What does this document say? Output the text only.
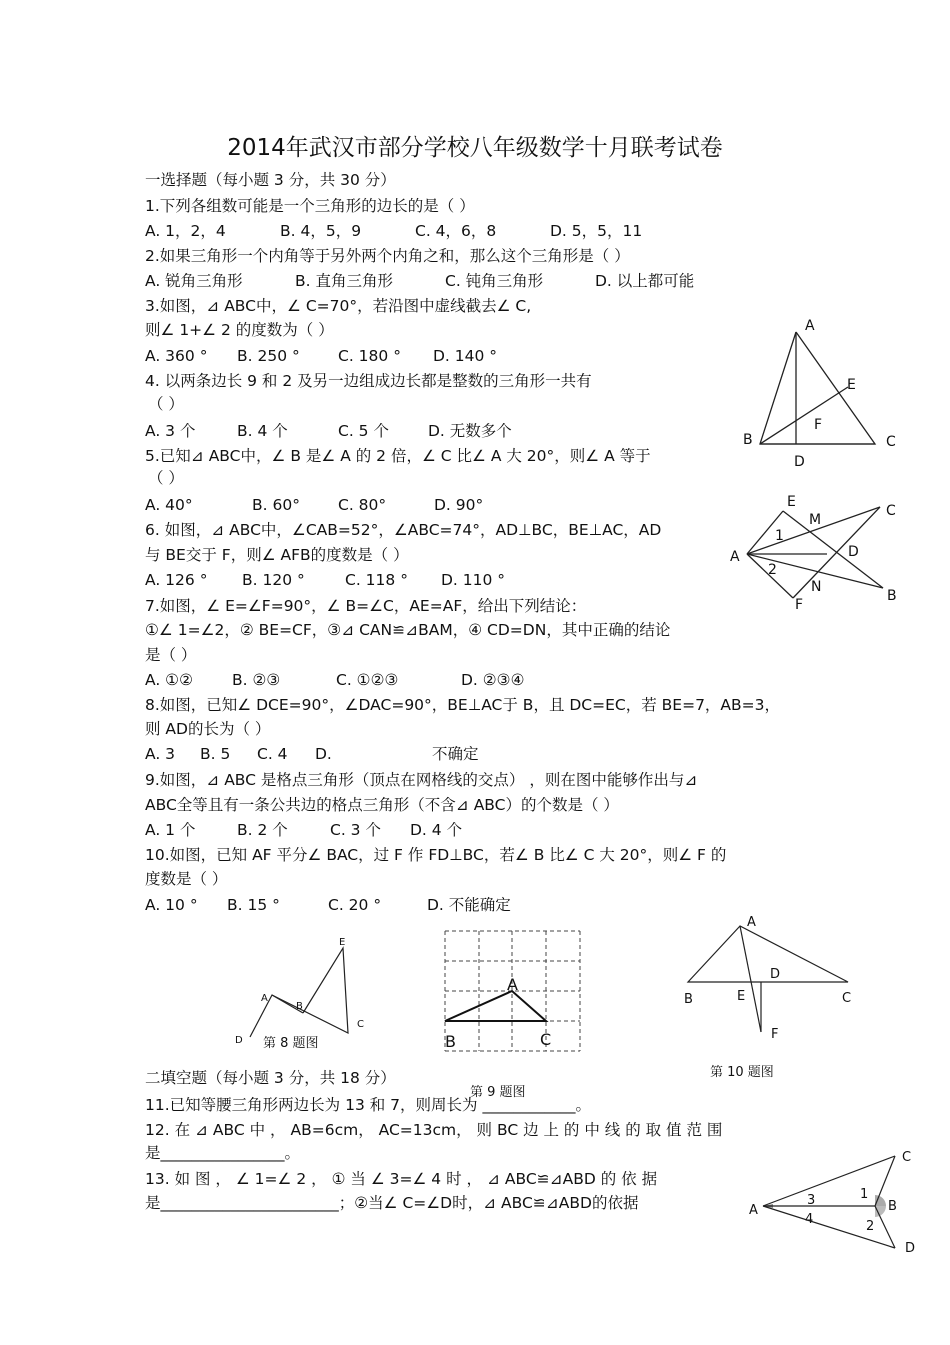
2014年武汉市部分学校八年级数学十月联考试卷
一选择题（每小题 3 分，共 30 分）
1.下列各组数可能是一个三角形的边长的是（ ）
A. 1，2，4	B. 4，5，9	C. 4，6，8	D. 5，5，11
2.如果三角形一个内角等于另外两个内角之和，那么这个三角形是（ ）
A. 锐角三角形	B. 直角三角形	C. 钝角三角形	D. 以上都可能
3.如图，⊿ ABC中，∠ C=70°，若沿图中虚线截去∠ C,
则∠ 1+∠ 2 的度数为（ ）
A. 360 ° B. 250 ° C. 180 ° D. 140 °
4. 以两条边长 9 和 2 及另一边组成边长都是整数的三角形一共有
（ ）
A. 3 个	B. 4 个	C. 5 个	D. 无数多个
5.已知⊿ ABC中，∠ B 是∠ A 的 2 倍，∠ C 比∠ A 大 20°，则∠ A 等于
（ ）
A. 40°	B. 60° C. 80°	D. 90°
6. 如图，⊿ ABC中，∠CAB=52°，∠ABC=74°，AD⊥BC，BE⊥AC，AD
与 BE交于 F，则∠ AFB的度数是（ ）
A. 126 ° B. 120 °	C. 118 ° D. 110 °
7.如图，∠ E=∠F=90°，∠ B=∠C，AE=AF，给出下列结论：
①∠ 1=∠2，② BE=CF，③⊿ CAN≌⊿BAM，④ CD=DN，其中正确的结论
是（ ）
A. ①②	B. ②③	C. ①②③	D. ②③④
8.如图，已知∠ DCE=90°，∠DAC=90°，BE⊥AC于 B，且 DC=EC，若 BE=7，AB=3，
则 AD的长为（ ）
A. 3 B. 5 C. 4 D.	不确定
9.如图，⊿ ABC 是格点三角形（顶点在网格线的交点） ，则在图中能够作出与⊿
ABC全等且有一条公共边的格点三角形（不含⊿ ABC）的个数是（ ）
A. 1 个	B. 2 个	C. 3 个 D. 4 个
10.如图，已知 AF 平分∠ BAC，过 F 作 FD⊥BC，若∠ B 比∠ C 大 20°，则∠ F 的
度数是（ ）
A. 10 ° B. 15 °	C. 20 °	D. 不能确定
A
E
F
B
D
C
E
C
M
1
A	D
2
N
F
B
E
A
B
C
D 第 8 题图
A
B	C
第 9 题图
A
D
B	E	C
F
第 10 题图
二填空题（每小题 3 分，共 18 分）
11.已知等腰三角形两边长为 13 和 7，则周长为 ____________。
12. 在 ⊿ ABC 中 ， AB=6cm， AC=13cm， 则 BC 边 上 的 中 线 的 取 值 范 围
是________________。
13. 如 图 ， ∠ 1=∠ 2 ， ① 当 ∠ 3=∠ 4 时 ， ⊿ ABC≌⊿ABD 的 依 据
是_______________________；②当∠ C=∠D时，⊿ ABC≌⊿ABD的依据
C
1
3
A	B
4	2
D
